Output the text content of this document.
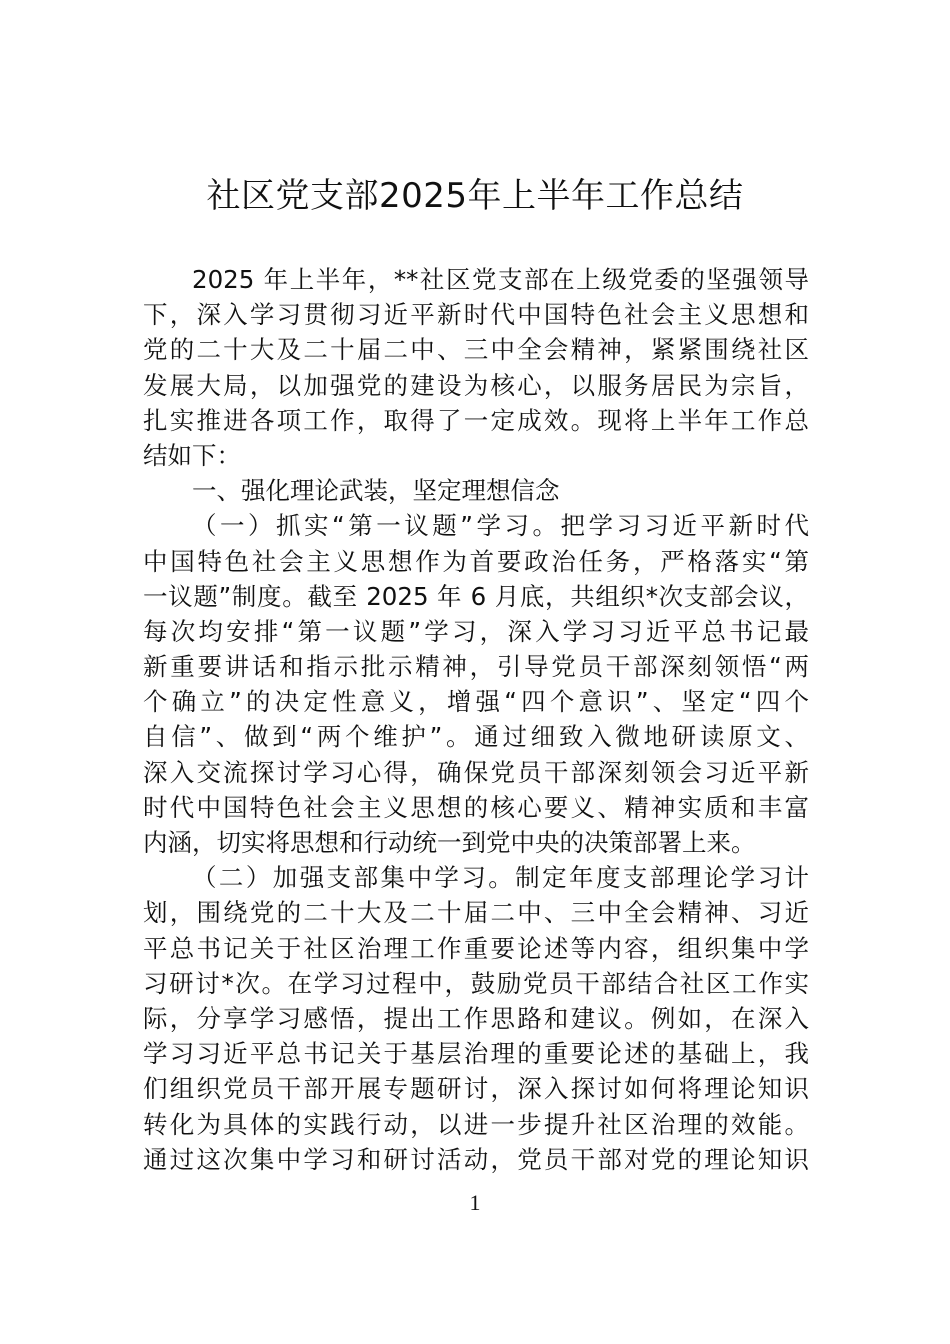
社区党支部2025年上半年工作总结
2025 年上半年，**社区党支部在上级党委的坚强领导
下，深入学习贯彻习近平新时代中国特色社会主义思想和
党的二十大及二十届二中、三中全会精神，紧紧围绕社区
发展大局，以加强党的建设为核心，以服务居民为宗旨，
扎实推进各项工作，取得了一定成效。现将上半年工作总
结如下：
一、强化理论武装，坚定理想信念
（一）抓实“第一议题”学习。把学习习近平新时代
中国特色社会主义思想作为首要政治任务，严格落实“第
一议题”制度。截至 2025 年 6 月底，共组织*次支部会议，
每次均安排“第一议题”学习，深入学习习近平总书记最
新重要讲话和指示批示精神，引导党员干部深刻领悟“两
个确立”的决定性意义，增强“四个意识”、坚定“四个
自信”、做到“两个维护”。通过细致入微地研读原文、
深入交流探讨学习心得，确保党员干部深刻领会习近平新
时代中国特色社会主义思想的核心要义、精神实质和丰富
内涵，切实将思想和行动统一到党中央的决策部署上来。
（二）加强支部集中学习。制定年度支部理论学习计
划，围绕党的二十大及二十届二中、三中全会精神、习近
平总书记关于社区治理工作重要论述等内容，组织集中学
习研讨*次。在学习过程中，鼓励党员干部结合社区工作实
际，分享学习感悟，提出工作思路和建议。例如，在深入
学习习近平总书记关于基层治理的重要论述的基础上，我
们组织党员干部开展专题研讨，深入探讨如何将理论知识
转化为具体的实践行动，以进一步提升社区治理的效能。
通过这次集中学习和研讨活动，党员干部对党的理论知识
1
